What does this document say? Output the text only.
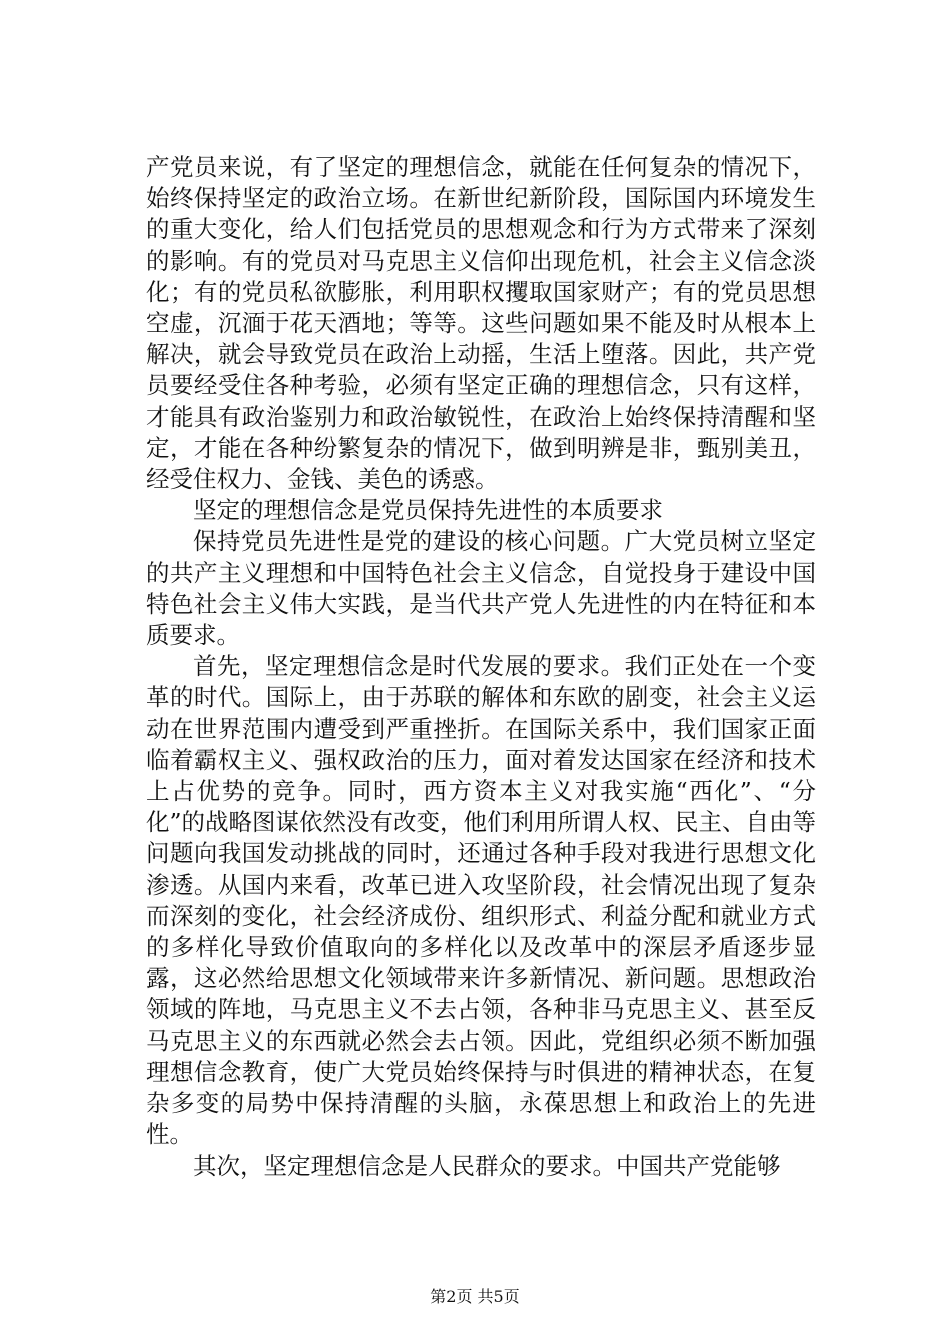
产党员来说，有了坚定的理想信念，就能在任何复杂的情况下，始终保持坚定的政治立场。在新世纪新阶段，国际国内环境发生的重大变化，给人们包括党员的思想观念和行为方式带来了深刻的影响。有的党员对马克思主义信仰出现危机，社会主义信念淡化；有的党员私欲膨胀，利用职权攫取国家财产；有的党员思想空虚，沉湎于花天酒地；等等。这些问题如果不能及时从根本上解决，就会导致党员在政治上动摇，生活上堕落。因此，共产党员要经受住各种考验，必须有坚定正确的理想信念，只有这样，才能具有政治鉴别力和政治敏锐性，在政治上始终保持清醒和坚定，才能在各种纷繁复杂的情况下，做到明辨是非，甄别美丑，经受住权力、金钱、美色的诱惑。

坚定的理想信念是党员保持先进性的本质要求

保持党员先进性是党的建设的核心问题。广大党员树立坚定的共产主义理想和中国特色社会主义信念，自觉投身于建设中国特色社会主义伟大实践，是当代共产党人先进性的内在特征和本质要求。

首先，坚定理想信念是时代发展的要求。我们正处在一个变革的时代。国际上，由于苏联的解体和东欧的剧变，社会主义运动在世界范围内遭受到严重挫折。在国际关系中，我们国家正面临着霸权主义、强权政治的压力，面对着发达国家在经济和技术上占优势的竞争。同时，西方资本主义对我实施“西化”、“分化”的战略图谋依然没有改变，他们利用所谓人权、民主、自由等问题向我国发动挑战的同时，还通过各种手段对我进行思想文化渗透。从国内来看，改革已进入攻坚阶段，社会情况出现了复杂而深刻的变化，社会经济成份、组织形式、利益分配和就业方式的多样化导致价值取向的多样化以及改革中的深层矛盾逐步显露，这必然给思想文化领域带来许多新情况、新问题。思想政治领域的阵地，马克思主义不去占领，各种非马克思主义、甚至反马克思主义的东西就必然会去占领。因此，党组织必须不断加强理想信念教育，使广大党员始终保持与时俱进的精神状态，在复杂多变的局势中保持清醒的头脑，永葆思想上和政治上的先进性。

其次，坚定理想信念是人民群众的要求。中国共产党能够

第2页 共5页
